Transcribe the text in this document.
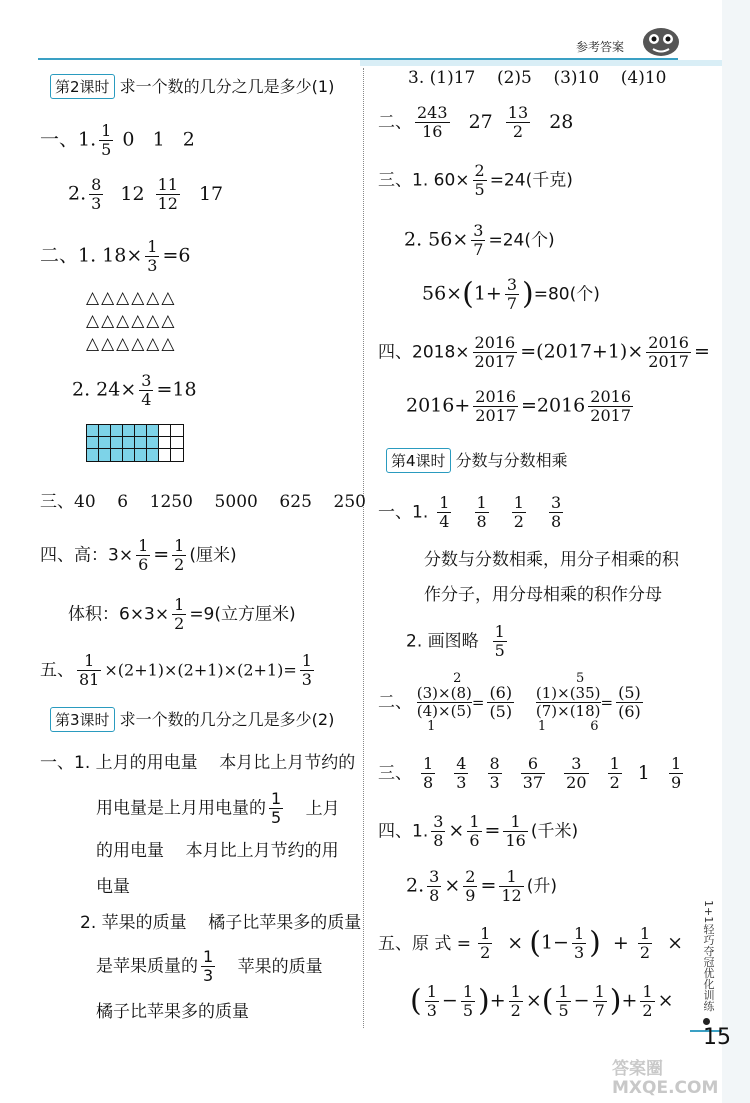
参考答案
1+1轻巧夺冠优化训练
15
答案圈 MXQE.COM
第2课时 求一个数的几分之几是多少(1)
一、1. $\frac{1}{5} 0$   1   2
2. $\frac{8}{3} 12 \frac{11}{12} 17$
二、1. $18\times \frac{1}{3} =6$
△△△△△△
△△△△△△
△△△△△△
2. $24\times \frac{3}{4} =18$
三、40    6    1250    5000    625    250
四、高：$3\times \frac{1}{6} = \frac{1}{2}$ (厘米)
体积：$6\times 3\times \frac{1}{2} =9$(立方厘米)
五、 $\frac{1}{81} \times(2+1)\times(2+1)\times(2+1)= \frac{1}{3}$
第3课时 求一个数的几分之几是多少(2)
一、1. 上月的用电量    本月比上月节约的
用电量是上月用电量的 $\frac{1}{5}$ 上月
的用电量    本月比上月节约的用
电量
2. 苹果的质量    橘子比苹果多的质量
是苹果质量的 $\frac{1}{3}$ 苹果的质量
橘子比苹果多的质量
3. (1)17    (2)5    (3)10    (4)10
二、 $\frac{243}{16} 27 \frac{13}{2} 28$
三、1. $60\times \frac{2}{5} =24$(千克)
2. $56\times \frac{3}{7} =24$(个)
$56\times(1+ \frac{3}{7} )=80$(个)
四、$2018\times \frac{2016}{2017} =(2017+1)\times \frac{2016}{2017}$ =
$2016+ \frac{2016}{2017} =2016 \frac{2016}{2017}$
第4课时 分数与分数相乘
一、1. $\frac{1}{4}$
$\frac{1}{8}$
$\frac{1}{2}$
$\frac{3}{8}$
分数与分数相乘，用分子相乘的积
作分子，用分母相乘的积作分母
2. 画图略 $\frac{1}{5}$
二、
2
(3)×(8)
(4)×(5)
1
= $\frac{(6)}{(5)}$

5
(1)×(35)
(7)×(18)
1	6
= $\frac{(5)}{(6)}$
三、 $\frac{1}{8}$
$\frac{4}{3}$
$\frac{8}{3}$
$\frac{6}{37}$
$\frac{3}{20}$
$\frac{1}{2} 1 \frac{1}{9}$
四、1. $\frac{3}{8} \times \frac{1}{6} = \frac{1}{16}$ (千米)
2. $\frac{3}{8} \times \frac{2}{9} = \frac{1}{12}$ (升)
五、原 式 = $\frac{1}{2} \times (1- \frac{1}{3}$ ) + $\frac{1}{2}$ ×
( $\frac{1}{3} - \frac{1}{5}$ )+ $\frac{1}{2}$ ×( $\frac{1}{5} - \frac{1}{7}$ )+ $\frac{1}{2}$ ×
